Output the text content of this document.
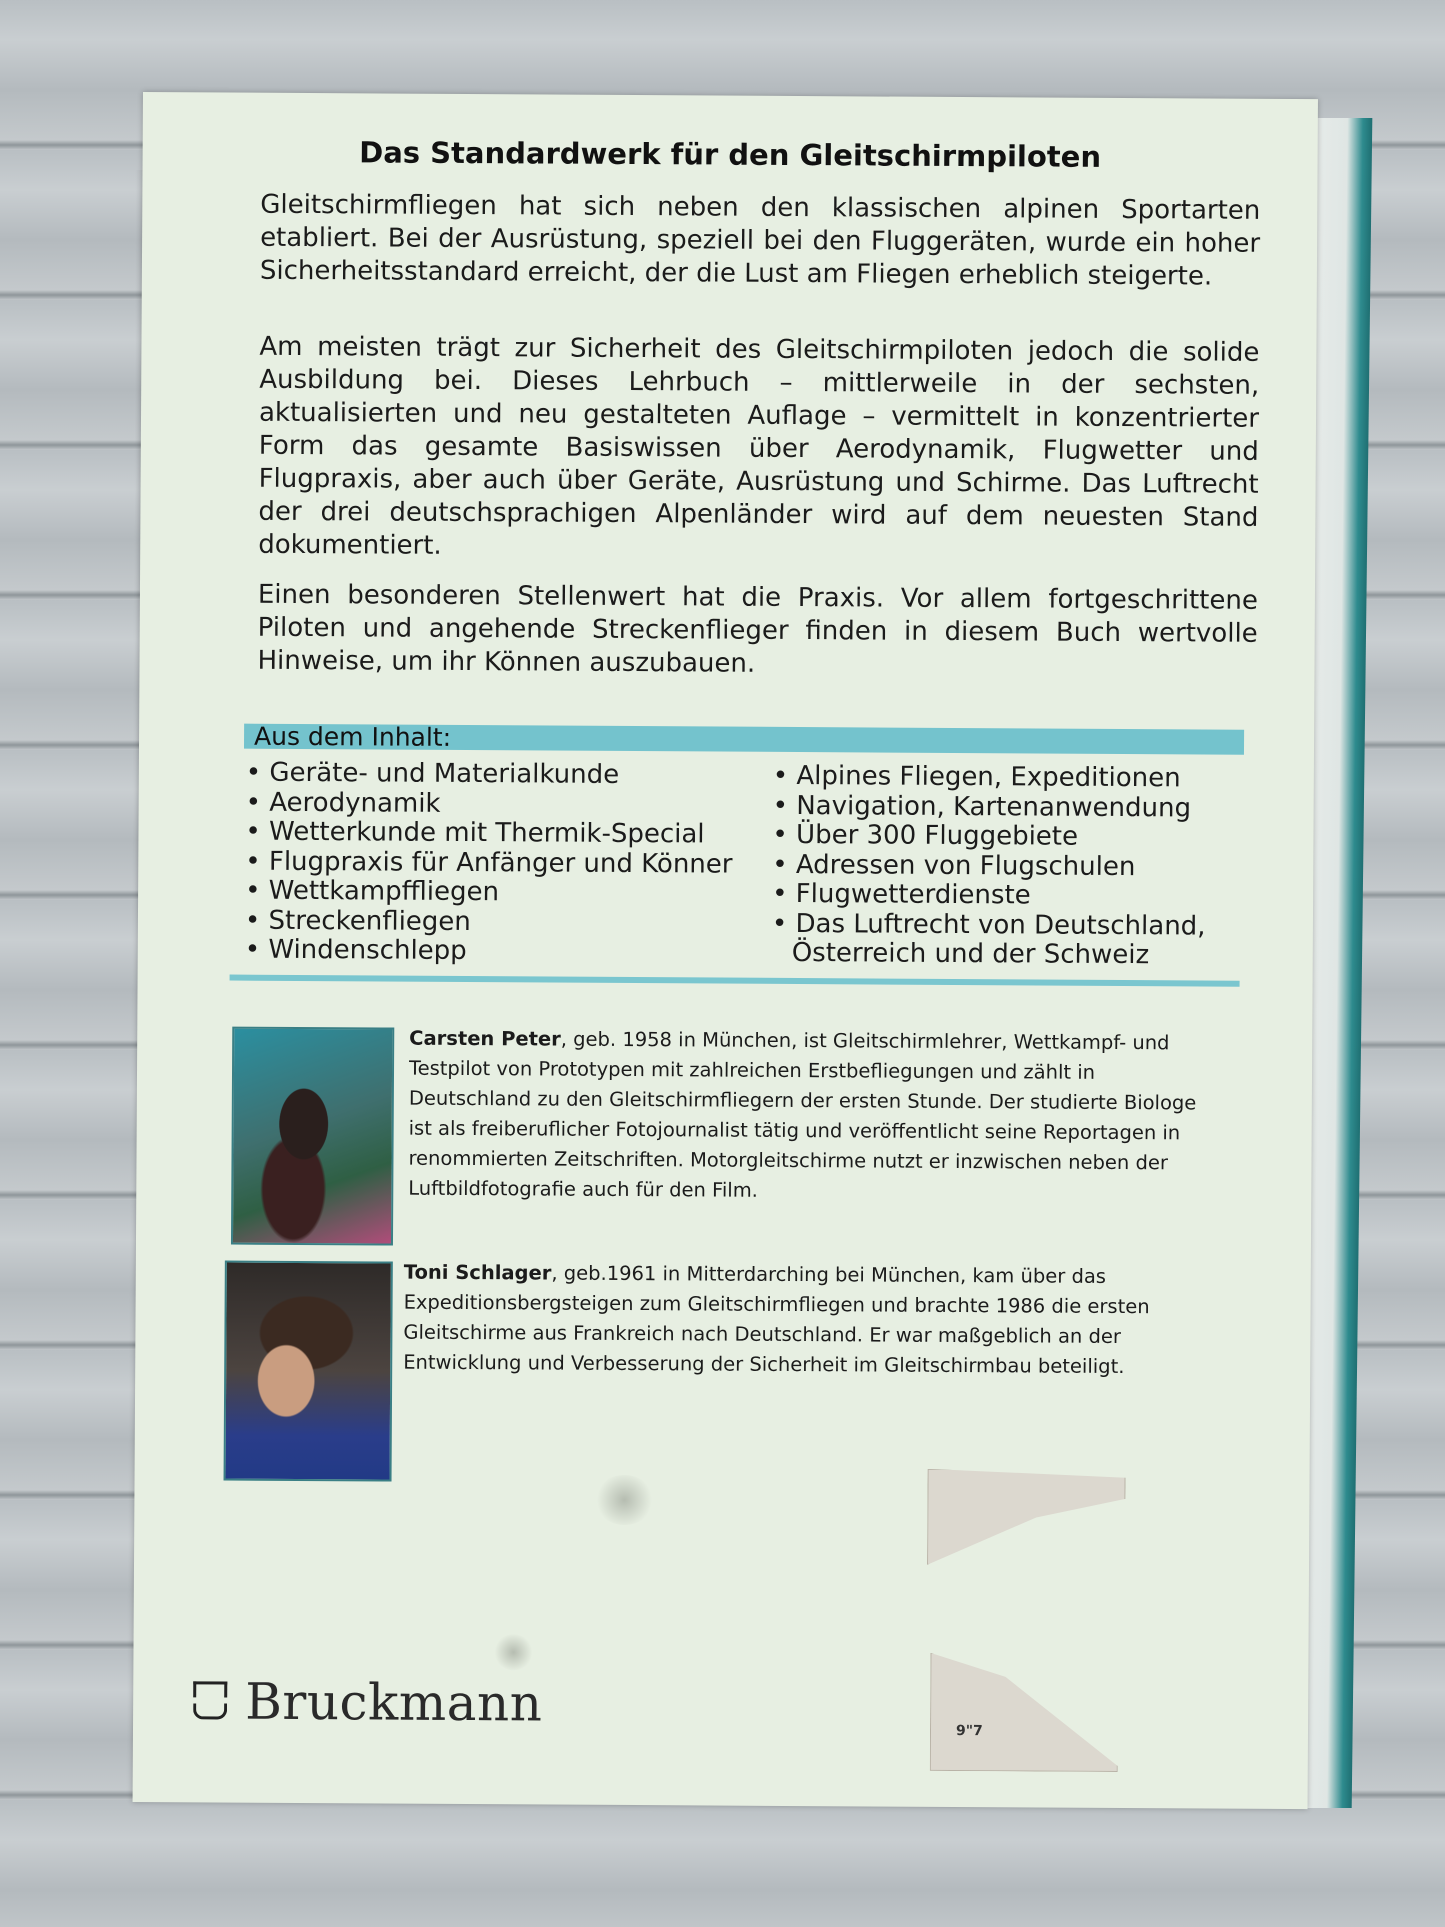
Das Standardwerk für den Gleitschirmpiloten
Gleitschirmfliegen hat sich neben den klassischen alpinen Sportarten etabliert. Bei der Ausrüstung, speziell bei den Fluggeräten, wurde ein hoher Sicherheitsstandard erreicht, der die Lust am Fliegen erheblich steigerte.
Am meisten trägt zur Sicherheit des Gleitschirmpiloten jedoch die solide Ausbildung bei. Dieses Lehrbuch – mittlerweile in der sechsten, aktualisierten und neu gestalteten Auflage – vermittelt in konzentrierter Form das gesamte Basiswissen über Aerodynamik, Flugwetter und Flugpraxis, aber auch über Geräte, Ausrüstung und Schirme. Das Luftrecht der drei deutschsprachigen Alpenländer wird auf dem neuesten Stand dokumentiert.
Einen besonderen Stellenwert hat die Praxis. Vor allem fortgeschrittene Piloten und angehende Streckenflieger finden in diesem Buch wertvolle Hinweise, um ihr Können auszubauen.
Aus dem Inhalt:
• Geräte- und Materialkunde
• Aerodynamik
• Wetterkunde mit Thermik-Special
• Flugpraxis für Anfänger und Könner
• Wettkampffliegen
• Streckenfliegen
• Windenschlepp
• Alpines Fliegen, Expeditionen
• Navigation, Kartenanwendung
• Über 300 Fluggebiete
• Adressen von Flugschulen
• Flugwetterdienste
• Das Luftrecht von Deutschland,
Österreich und der Schweiz
Carsten Peter, geb. 1958 in München, ist Gleitschirmlehrer, Wettkampf- und Testpilot von Prototypen mit zahlreichen Erstbefliegungen und zählt in Deutschland zu den Gleitschirmfliegern der ersten Stunde. Der studierte Biologe ist als freiberuflicher Fotojournalist tätig und veröffentlicht seine Reportagen in renommierten Zeitschriften. Motorgleitschirme nutzt er inzwischen neben der Luftbildfotografie auch für den Film.
Toni Schlager, geb.1961 in Mitterdarching bei München, kam über das Expeditionsbergsteigen zum Gleitschirmfliegen und brachte 1986 die ersten Gleitschirme aus Frankreich nach Deutschland. Er war maßgeblich an der Entwicklung und Verbesserung der Sicherheit im Gleitschirmbau beteiligt.
9"7
Bruckmann
